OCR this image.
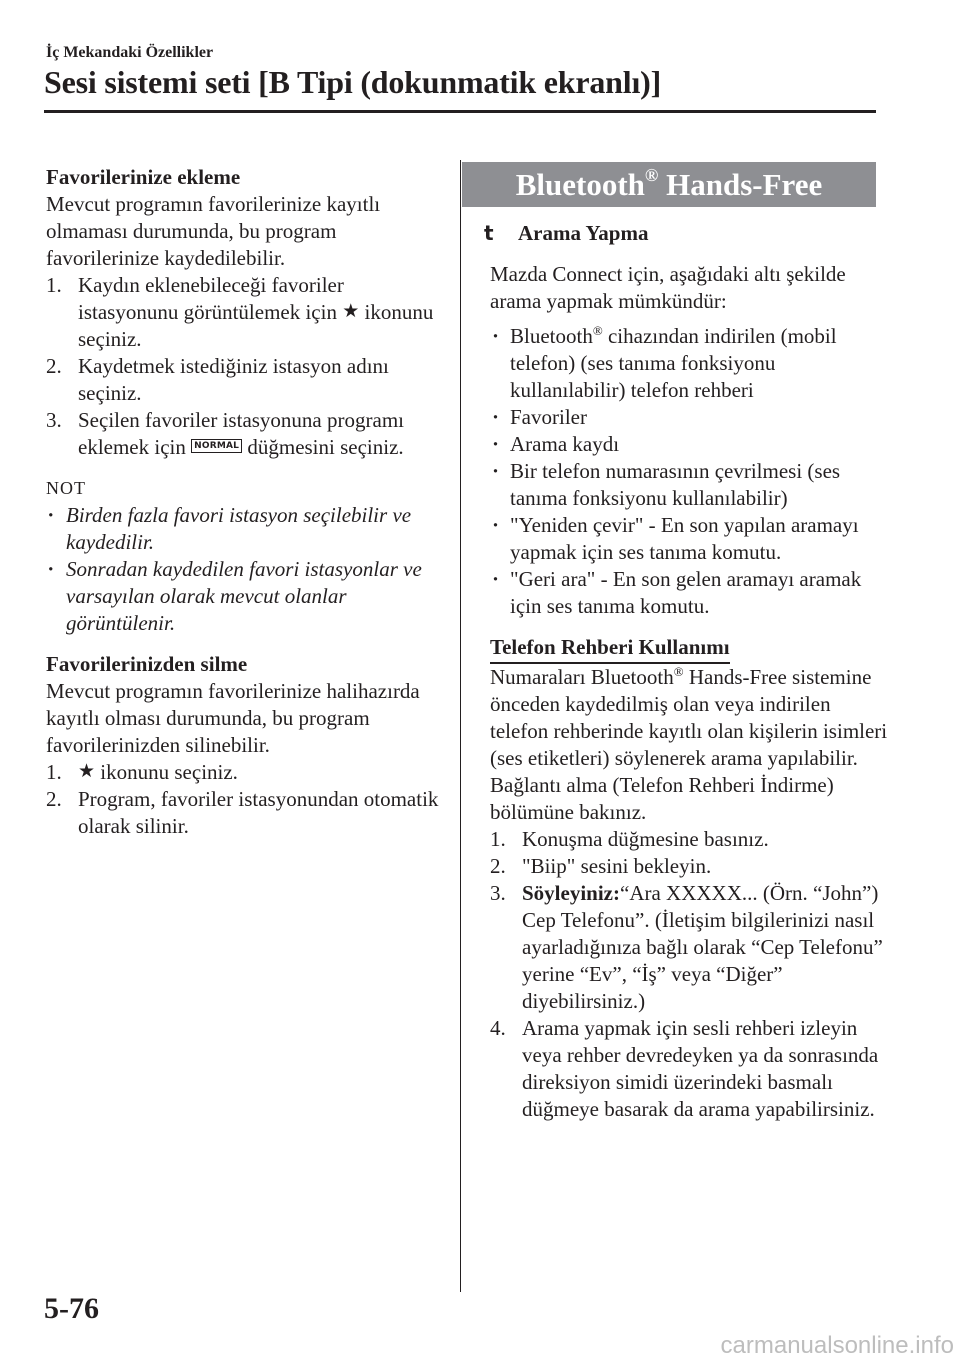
İç Mekandaki Özellikler
Sesi sistemi seti [B Tipi (dokunmatik ekranlı)]

Favorilerinize ekleme

Mevcut programın favorilerinize kayıtlı olmaması durumunda, bu program favorilerinize kaydedilebilir.

1. Kaydın eklenebileceği favoriler istasyonunu görüntülemek için ★ ikonunu seçiniz.
2. Kaydetmek istediğiniz istasyon adını seçiniz.
3. Seçilen favoriler istasyonuna programı eklemek için NORMAL düğmesini seçiniz.

NOT

· Birden fazla favori istasyon seçilebilir ve kaydedilir.
· Sonradan kaydedilen favori istasyonlar ve varsayılan olarak mevcut olanlar görüntülenir.

Favorilerinizden silme

Mevcut programın favorilerinize halihazırda kayıtlı olması durumunda, bu program favorilerinizden silinebilir.

1. ★ ikonunu seçiniz.
2. Program, favoriler istasyonundan otomatik olarak silinir.
Bluetooth® Hands-Free
t	Arama Yapma

Mazda Connect için, aşağıdaki altı şekilde arama yapmak mümkündür:

· Bluetooth® cihazından indirilen (mobil telefon) (ses tanıma fonksiyonu kullanılabilir) telefon rehberi
· Favoriler
· Arama kaydı
· Bir telefon numarasının çevrilmesi (ses tanıma fonksiyonu kullanılabilir)
· "Yeniden çevir" - En son yapılan aramayı yapmak için ses tanıma komutu.
· "Geri ara" - En son gelen aramayı aramak için ses tanıma komutu.

Telefon Rehberi Kullanımı

Numaraları Bluetooth® Hands-Free sistemine önceden kaydedilmiş olan veya indirilen telefon rehberinde kayıtlı olan kişilerin isimleri (ses etiketleri) söylenerek arama yapılabilir. Bağlantı alma (Telefon Rehberi İndirme) bölümüne bakınız.

1. Konuşma düğmesine basınız.
2. "Biip" sesini bekleyin.
3. Söyleyiniz:“Ara XXXXX... (Örn. “John”) Cep Telefonu”. (İletişim bilgilerinizi nasıl ayarladığınıza bağlı olarak “Cep Telefonu” yerine “Ev”, “İş” veya “Diğer” diyebilirsiniz.)
4. Arama yapmak için sesli rehberi izleyin veya rehber devredeyken ya da sonrasında direksiyon simidi üzerindeki basmalı düğmeye basarak da arama yapabilirsiniz.
5-76
carmanualsonline.info
